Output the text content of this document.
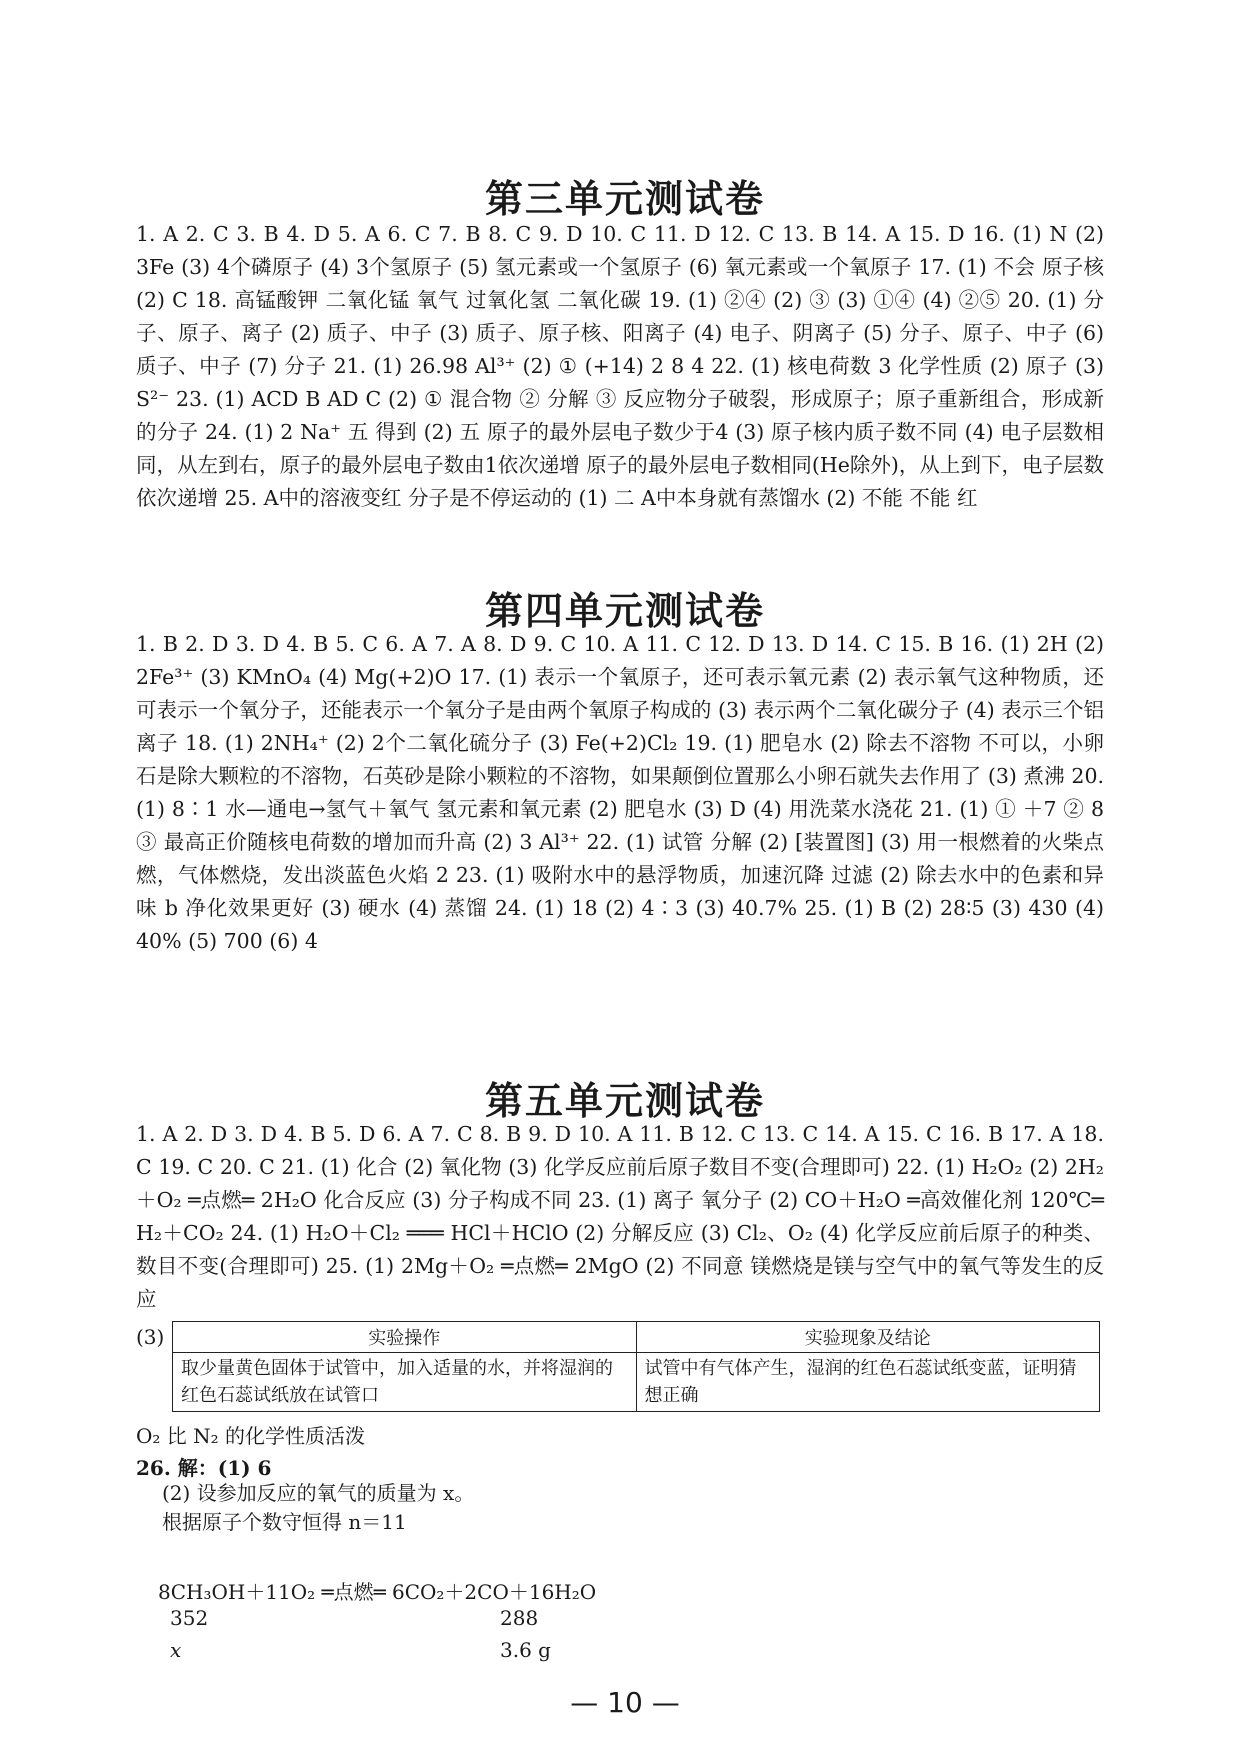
第三单元测试卷

1. A 2. C 3. B 4. D 5. A 6. C 7. B 8. C 9. D 10. C 11. D 12. C 13. B 14. A 15. D 16. (1) N (2) 3Fe (3) 4个磷原子 (4) 3个氢原子 (5) 氢元素或一个氢原子 (6) 氧元素或一个氧原子 17. (1) 不会 原子核 (2) C 18. 高锰酸钾 二氧化锰 氧气 过氧化氢 二氧化碳 19. (1) ②④ (2) ③ (3) ①④ (4) ②⑤ 20. (1) 分子、原子、离子 (2) 质子、中子 (3) 质子、原子核、阳离子 (4) 电子、阴离子 (5) 分子、原子、中子 (6) 质子、中子 (7) 分子 21. (1) 26.98 Al³⁺ (2) ① (+14) 2 8 4 22. (1) 核电荷数 3 化学性质 (2) 原子 (3) S²⁻ 23. (1) ACD B AD C (2) ① 混合物 ② 分解 ③ 反应物分子破裂，形成原子；原子重新组合，形成新的分子 24. (1) 2 Na⁺ 五 得到 (2) 五 原子的最外层电子数少于4 (3) 原子核内质子数不同 (4) 电子层数相同，从左到右，原子的最外层电子数由1依次递增 原子的最外层电子数相同(He除外)，从上到下，电子层数依次递增 25. A中的溶液变红 分子是不停运动的 (1) 二 A中本身就有蒸馏水 (2) 不能 不能 红

第四单元测试卷

1. B 2. D 3. D 4. B 5. C 6. A 7. A 8. D 9. C 10. A 11. C 12. D 13. D 14. C 15. B 16. (1) 2H (2) 2Fe³⁺ (3) KMnO₄ (4) Mg(+2)O 17. (1) 表示一个氧原子，还可表示氧元素 (2) 表示氧气这种物质，还可表示一个氧分子，还能表示一个氧分子是由两个氧原子构成的 (3) 表示两个二氧化碳分子 (4) 表示三个铝离子 18. (1) 2NH₄⁺ (2) 2个二氧化硫分子 (3) Fe(+2)Cl₂ 19. (1) 肥皂水 (2) 除去不溶物 不可以，小卵石是除大颗粒的不溶物，石英砂是除小颗粒的不溶物，如果颠倒位置那么小卵石就失去作用了 (3) 煮沸 20. (1) 8∶1 水—通电→氢气＋氧气 氢元素和氧元素 (2) 肥皂水 (3) D (4) 用洗菜水浇花 21. (1) ① ＋7 ② 8 ③ 最高正价随核电荷数的增加而升高 (2) 3 Al³⁺ 22. (1) 试管 分解 (2) [装置图] (3) 用一根燃着的火柴点燃，气体燃烧，发出淡蓝色火焰 2 23. (1) 吸附水中的悬浮物质，加速沉降 过滤 (2) 除去水中的色素和异味 b 净化效果更好 (3) 硬水 (4) 蒸馏 24. (1) 18 (2) 4∶3 (3) 40.7% 25. (1) B (2) 28∶5 (3) 430 (4) 40% (5) 700 (6) 4

第五单元测试卷

1. A 2. D 3. D 4. B 5. D 6. A 7. C 8. B 9. D 10. A 11. B 12. C 13. C 14. A 15. C 16. B 17. A 18. C 19. C 20. C 21. (1) 化合 (2) 氧化物 (3) 化学反应前后原子数目不变(合理即可) 22. (1) H₂O₂ (2) 2H₂＋O₂ ═点燃═ 2H₂O 化合反应 (3) 分子构成不同 23. (1) 离子 氧分子 (2) CO＋H₂O ═高效催化剂 120℃═ H₂＋CO₂ 24. (1) H₂O＋Cl₂ ═══ HCl＋HClO (2) 分解反应 (3) Cl₂、O₂ (4) 化学反应前后原子的种类、数目不变(合理即可) 25. (1) 2Mg＋O₂ ═点燃═ 2MgO (2) 不同意 镁燃烧是镁与空气中的氧气等发生的反应

(3)	实验操作	实验现象及结论
取少量黄色固体于试管中，加入适量的水，并将湿润的红色石蕊试纸放在试管口	试管中有气体产生，湿润的红色石蕊试纸变蓝，证明猜想正确

O₂ 比 N₂ 的化学性质活泼

26. 解：(1) 6

(2) 设参加反应的氧气的质量为 x。

根据原子个数守恒得 n＝11

8CH₃OH＋11O₂ ═点燃═ 6CO₂＋2CO＋16H₂O

352	288
x	3.6 g
— 10 —
